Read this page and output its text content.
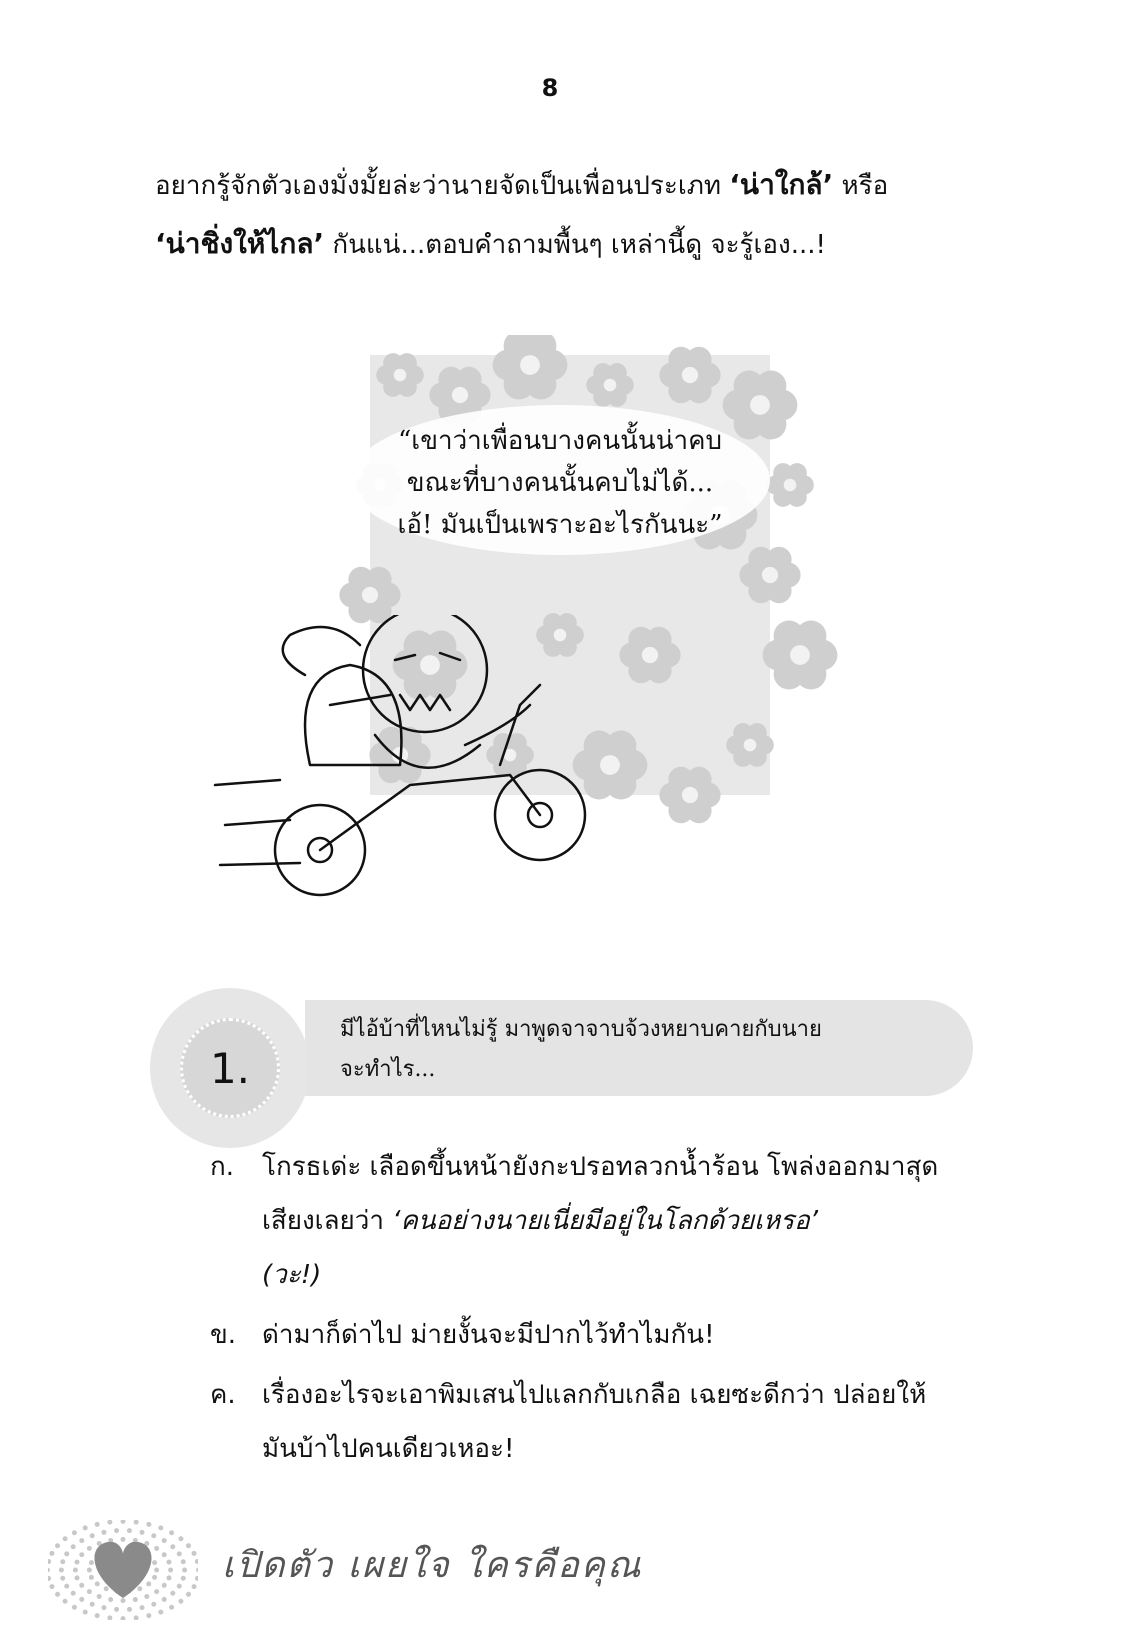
8
อยากรู้จักตัวเองมั่งมั้ยล่ะว่านายจัดเป็นเพื่อนประเภท ‘น่าใกล้’ หรือ
‘น่าชิ่งให้ไกล’ กันแน่...ตอบคำถามพื้นๆ เหล่านี้ดู จะรู้เอง...!
“เขาว่าเพื่อนบางคนนั้นน่าคบ
ขณะที่บางคนนั้นคบไม่ได้...
เอ้! มันเป็นเพราะอะไรกันนะ”
1.
มีไอ้บ้าที่ไหนไม่รู้ มาพูดจาจาบจ้วงหยาบคายกับนาย
จะทำไร...
ก. โกรธเด่ะ เลือดขึ้นหน้ายังกะปรอทลวกน้ำร้อน โพล่งออกมาสุดเสียงเลยว่า ‘คนอย่างนายเนี่ยมีอยู่ในโลกด้วยเหรอ’
(วะ!)
ข. ด่ามาก็ด่าไป ม่ายงั้นจะมีปากไว้ทำไมกัน!
ค. เรื่องอะไรจะเอาพิมเสนไปแลกกับเกลือ เฉยซะดีกว่า ปล่อยให้มันบ้าไปคนเดียวเหอะ!
เปิดตัว เผยใจ ใครคือคุณ
